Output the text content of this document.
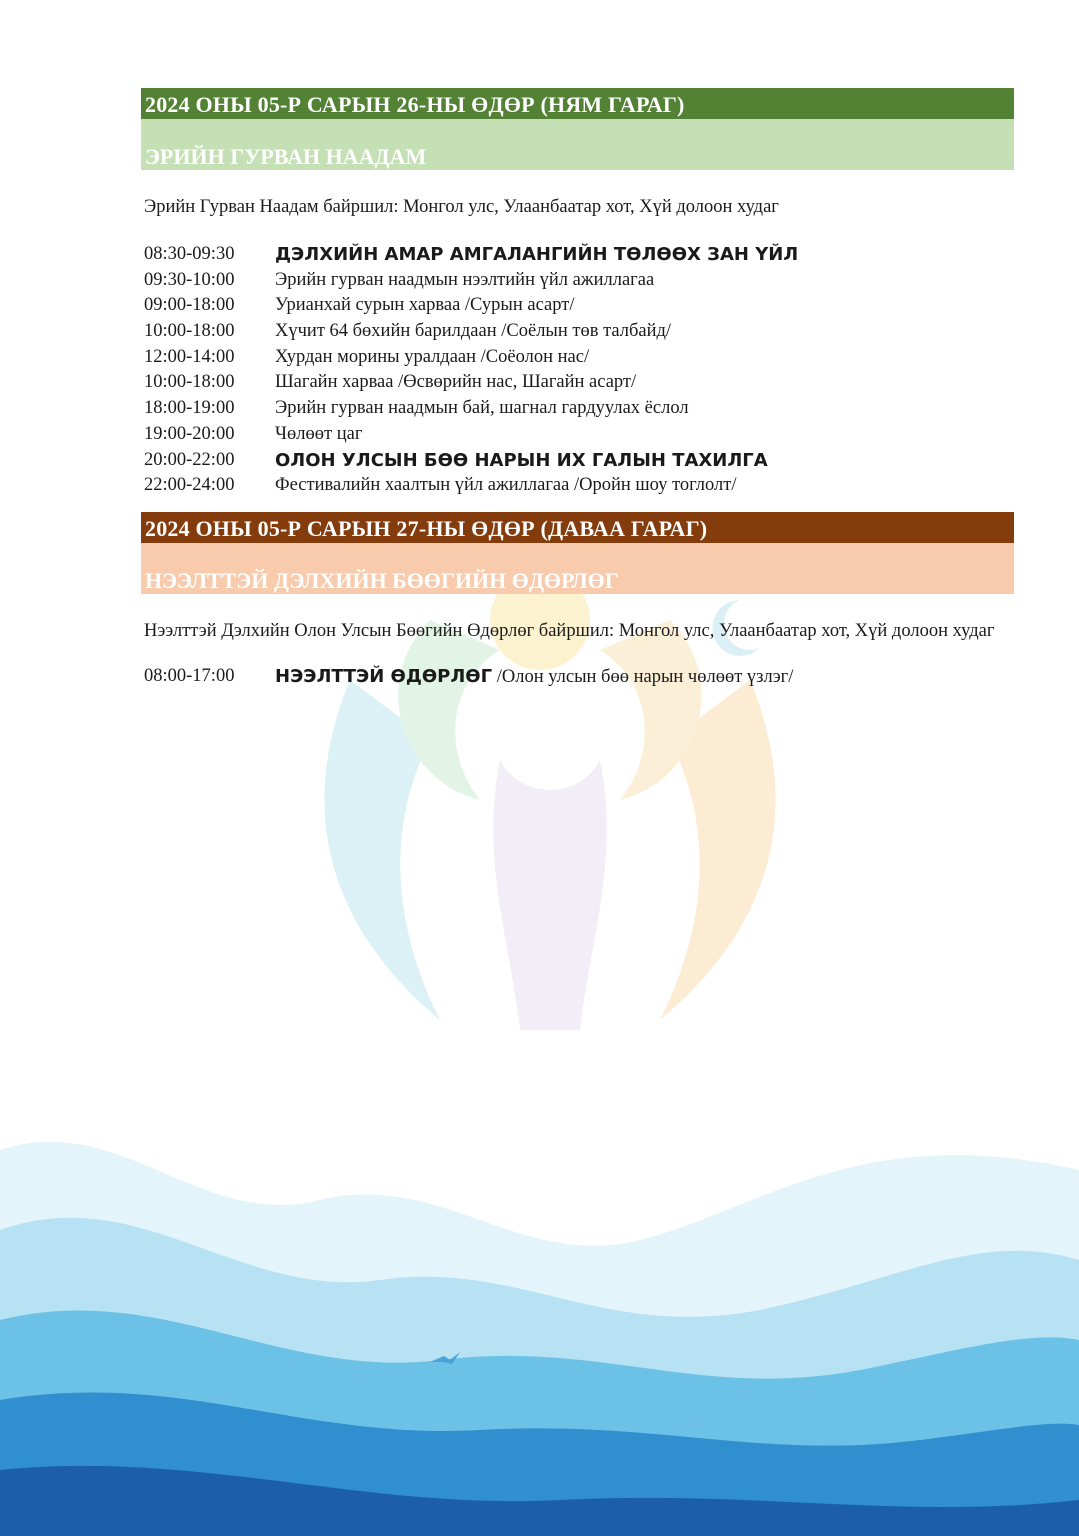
2024 ОНЫ 05-Р САРЫН 26-НЫ ӨДӨР (НЯМ ГАРАГ)
ЭРИЙН ГУРВАН НААДАМ
Эрийн Гурван Наадам байршил: Монгол улс, Улаанбаатар хот, Хүй долоон худаг
08:30-09:30	ДЭЛХИЙН АМАР АМГАЛАНГИЙН ТӨЛӨӨХ ЗАН ҮЙЛ
09:30-10:00	Эрийн гурван наадмын нээлтийн үйл ажиллагаа
09:00-18:00	Урианхай сурын харваа /Сурын асарт/
10:00-18:00	Хүчит 64 бөхийн барилдаан /Соёлын төв талбайд/
12:00-14:00	Хурдан морины уралдаан /Соёолон нас/
10:00-18:00	Шагайн харваа /Өсвөрийн нас, Шагайн асарт/
18:00-19:00	Эрийн гурван наадмын бай, шагнал гардуулах ёслол
19:00-20:00	Чөлөөт цаг
20:00-22:00	ОЛОН УЛСЫН БӨӨ НАРЫН ИХ ГАЛЫН ТАХИЛГА
22:00-24:00	Фестивалийн хаалтын үйл ажиллагаа /Оройн шоу тоглолт/
2024 ОНЫ 05-Р САРЫН 27-НЫ ӨДӨР (ДАВАА ГАРАГ)
НЭЭЛТТЭЙ ДЭЛХИЙН БӨӨГИЙН ӨДӨРЛӨГ
Нээлттэй Дэлхийн Олон Улсын Бөөгийн Өдөрлөг байршил: Монгол улс, Улаанбаатар хот, Хүй долоон худаг
08:00-17:00	НЭЭЛТТЭЙ ӨДӨРЛӨГ /Олон улсын бөө нарын чөлөөт үзлэг/
